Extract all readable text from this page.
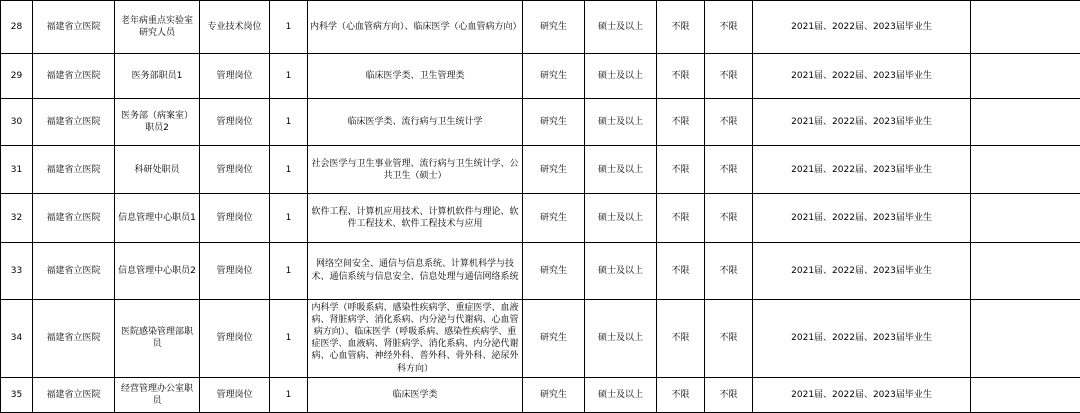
28	福建省立医院	老年病重点实验室研究人员	专业技术岗位	1	内科学（心血管病方向）、临床医学（心血管病方向）	研究生	硕士及以上	不限	不限	2021届、2022届、2023届毕业生	
29	福建省立医院	医务部职员1	管理岗位	1	临床医学类、卫生管理类	研究生	硕士及以上	不限	不限	2021届、2022届、2023届毕业生	
30	福建省立医院	医务部（病案室）职员2	管理岗位	1	临床医学类、流行病与卫生统计学	研究生	硕士及以上	不限	不限	2021届、2022届、2023届毕业生	
31	福建省立医院	科研处职员	管理岗位	1	社会医学与卫生事业管理、流行病与卫生统计学、公共卫生（硕士）	研究生	硕士及以上	不限	不限	2021届、2022届、2023届毕业生	
32	福建省立医院	信息管理中心职员1	管理岗位	1	软件工程、计算机应用技术、计算机软件与理论、软件工程技术、软件工程技术与应用	研究生	硕士及以上	不限	不限	2021届、2022届、2023届毕业生	
33	福建省立医院	信息管理中心职员2	管理岗位	1	网络空间安全、通信与信息系统、计算机科学与技术、通信系统与信息安全、信息处理与通信网络系统	研究生	硕士及以上	不限	不限	2021届、2022届、2023届毕业生	
34	福建省立医院	医院感染管理部职员	管理岗位	1	内科学（呼吸系病、感染性疾病学、重症医学、血液病、肾脏病学、消化系病、内分泌与代谢病、心血管病方向）、临床医学（呼吸系病、感染性疾病学、重症医学、血液病、肾脏病学、消化系病、内分泌代谢病、心血管病、神经外科、普外科、骨外科、泌尿外科方向）	研究生	硕士及以上	不限	不限	2021届、2022届、2023届毕业生	
35	福建省立医院	经营管理办公室职员	管理岗位	1	临床医学类	研究生	硕士及以上	不限	不限	2021届、2022届、2023届毕业生	
